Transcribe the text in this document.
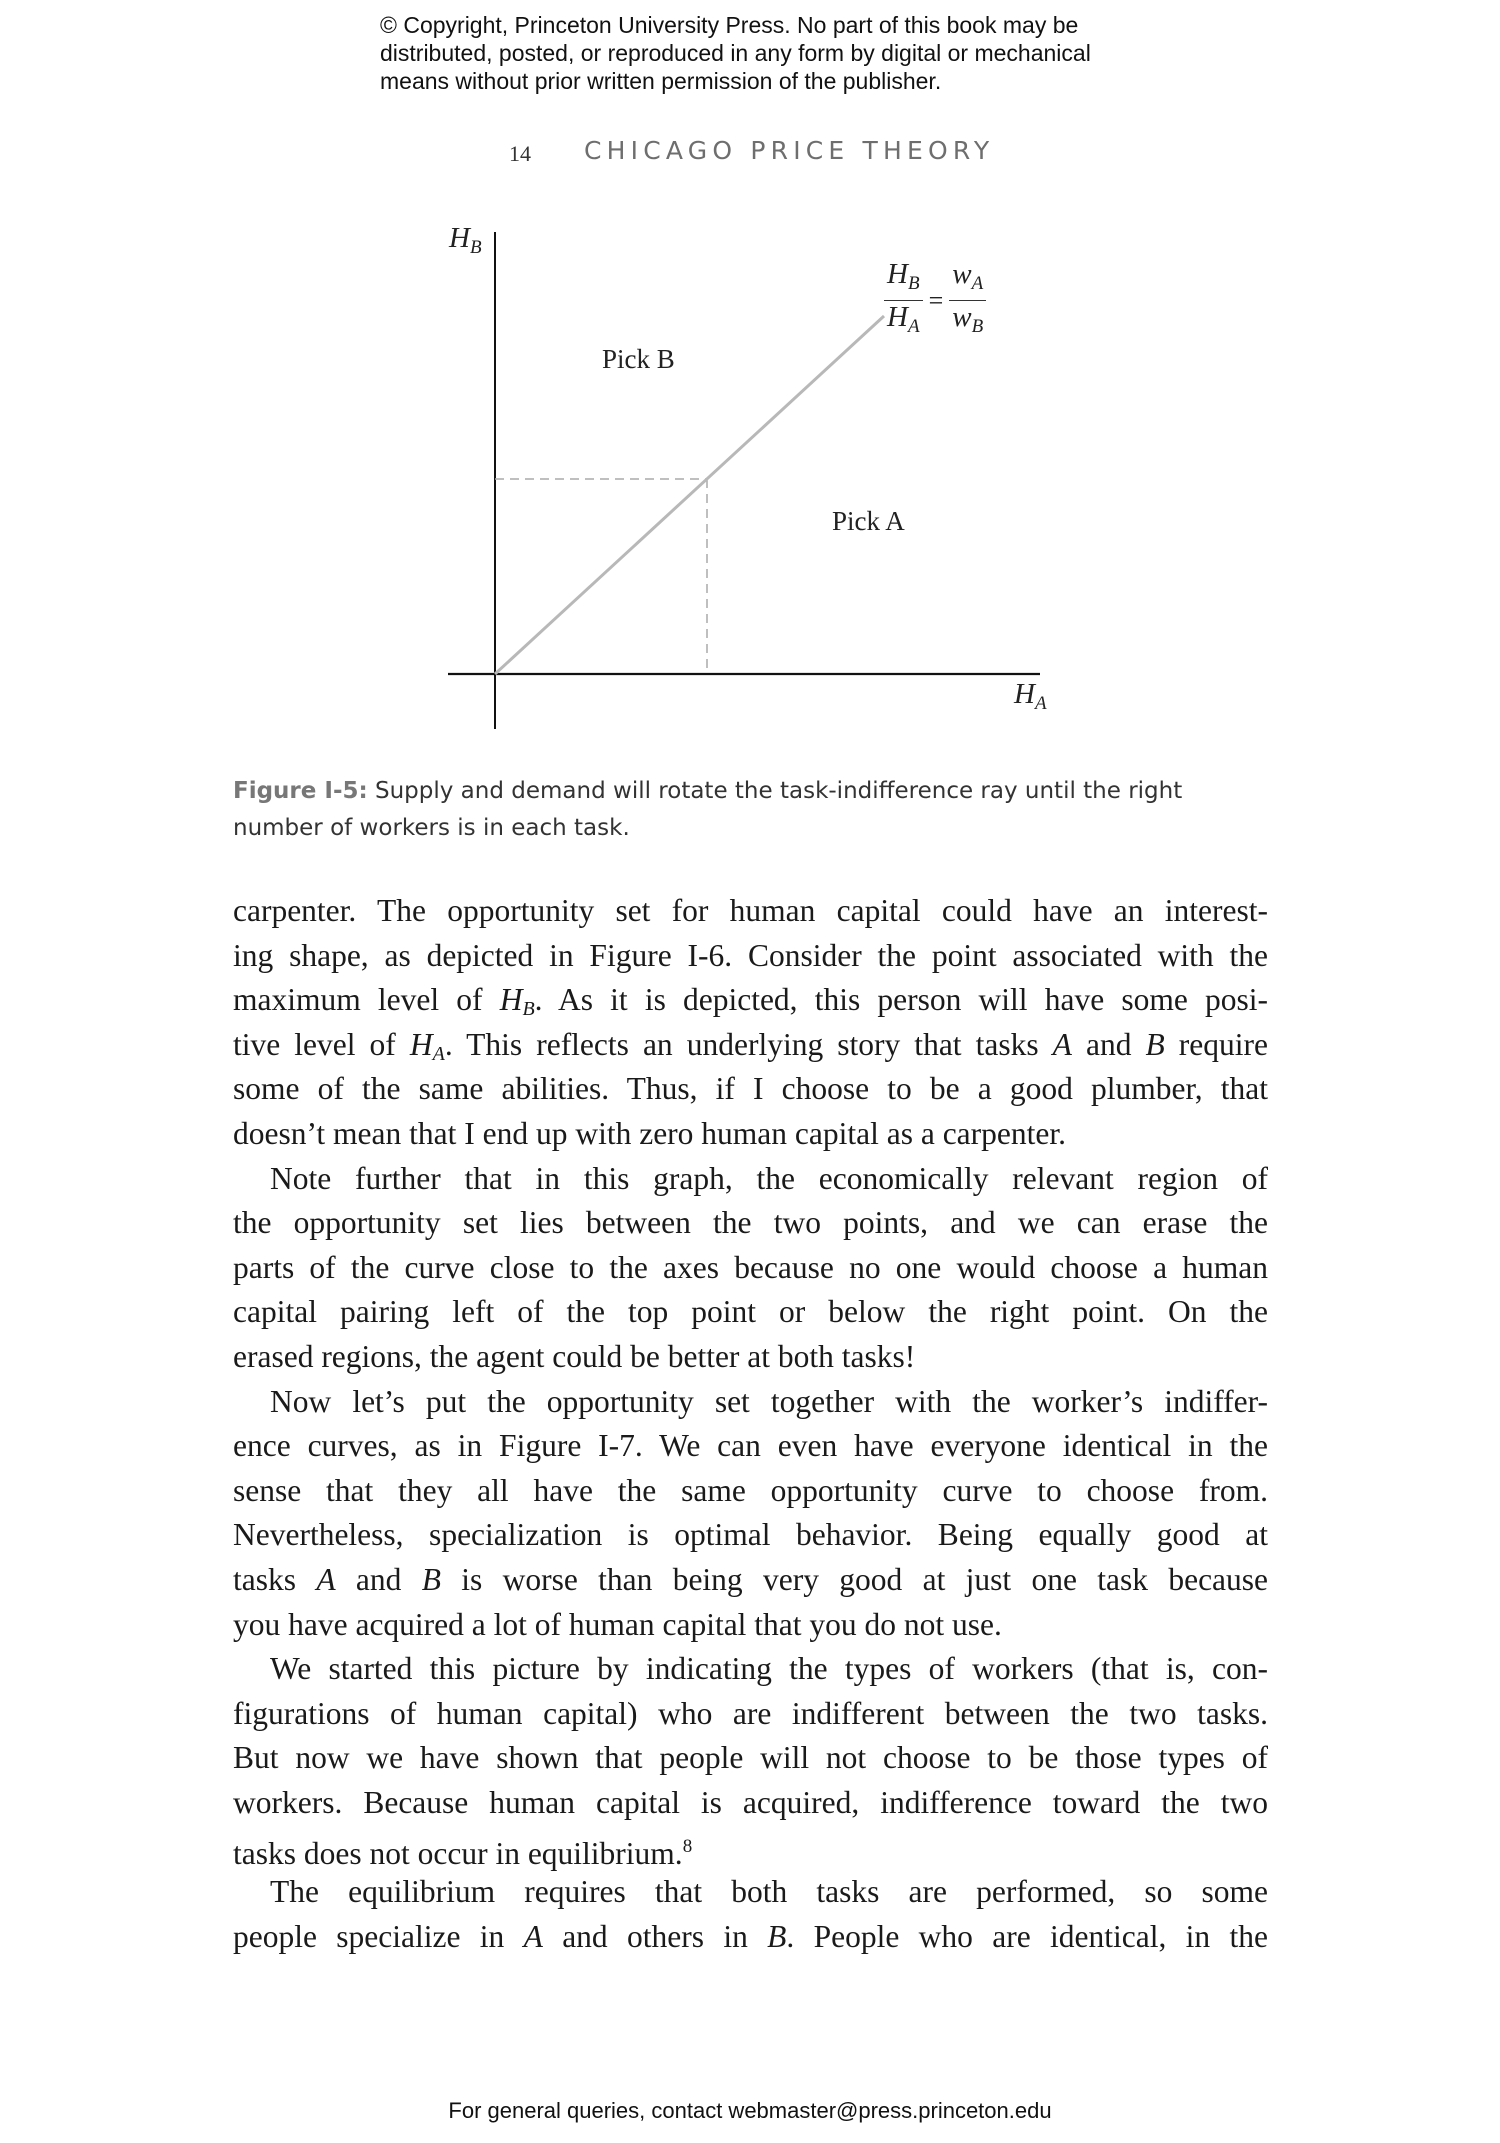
© Copyright, Princeton University Press. No part of this book may be
distributed, posted, or reproduced in any form by digital or mechanical
means without prior written permission of the publisher.
14 CHICAGO PRICE THEORY
$H_B$
$H_A$
Pick B
Pick A
$\frac{H_B}{H_A} = \frac{w_A}{w_B}$
Figure I-5: Supply and demand will rotate the task-indifference ray until the right number of workers is in each task.
carpenter. The opportunity set for human capital could have an interest-
ing shape, as depicted in Figure I-6. Consider the point associated with the
maximum level of $H_B$. As it is depicted, this person will have some posi-
tive level of $H_A$. This reflects an underlying story that tasks A and B require
some of the same abilities. Thus, if I choose to be a good plumber, that
doesn’t mean that I end up with zero human capital as a carpenter.
Note further that in this graph, the economically relevant region of
the opportunity set lies between the two points, and we can erase the
parts of the curve close to the axes because no one would choose a human
capital pairing left of the top point or below the right point. On the
erased regions, the agent could be better at both tasks!
Now let’s put the opportunity set together with the worker’s indiffer-
ence curves, as in Figure I-7. We can even have everyone identical in the
sense that they all have the same opportunity curve to choose from.
Nevertheless, specialization is optimal behavior. Being equally good at
tasks A and B is worse than being very good at just one task because
you have acquired a lot of human capital that you do not use.
We started this picture by indicating the types of workers (that is, con-
figurations of human capital) who are indifferent between the two tasks.
But now we have shown that people will not choose to be those types of
workers. Because human capital is acquired, indifference toward the two
tasks does not occur in equilibrium.$^8$
The equilibrium requires that both tasks are performed, so some
people specialize in A and others in B. People who are identical, in the
For general queries, contact webmaster@press.princeton.edu
